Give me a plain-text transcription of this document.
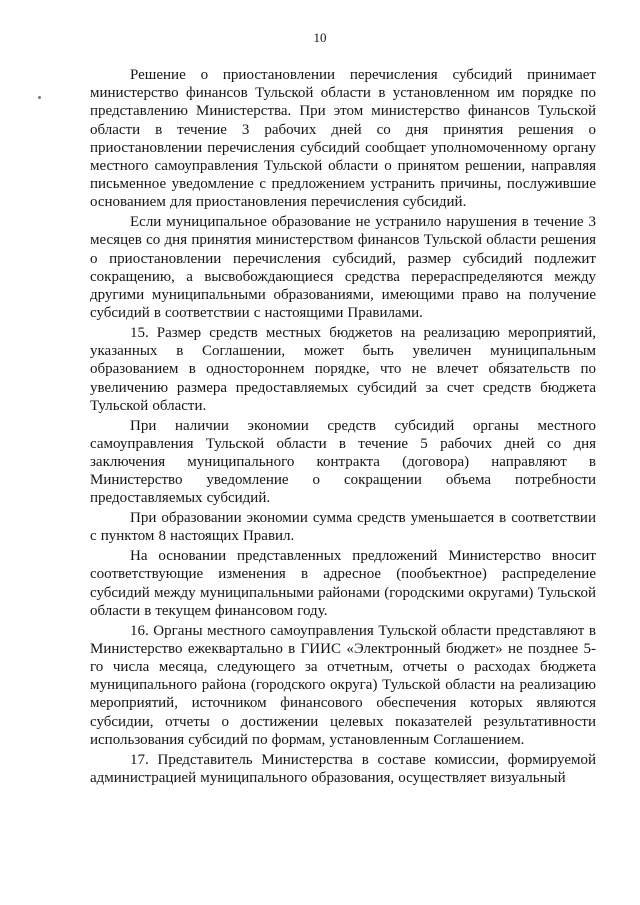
10

Решение о приостановлении перечисления субсидий принимает министерство финансов Тульской области в установленном им порядке по представлению Министерства. При этом министерство финансов Тульской области в течение 3 рабочих дней со дня принятия решения о приостановлении перечисления субсидий сообщает уполномоченному органу местного самоуправления Тульской области о принятом решении, направляя письменное уведомление с предложением устранить причины, послужившие основанием для приостановления перечисления субсидий.

Если муниципальное образование не устранило нарушения в течение 3 месяцев со дня принятия министерством финансов Тульской области решения о приостановлении перечисления субсидий, размер субсидий подлежит сокращению, а высвобождающиеся средства перераспределяются между другими муниципальными образованиями, имеющими право на получение субсидий в соответствии с настоящими Правилами.

15. Размер средств местных бюджетов на реализацию мероприятий, указанных в Соглашении, может быть увеличен муниципальным образованием в одностороннем порядке, что не влечет обязательств по увеличению размера предоставляемых субсидий за счет средств бюджета Тульской области.

При наличии экономии средств субсидий органы местного самоуправления Тульской области в течение 5 рабочих дней со дня заключения муниципального контракта (договора) направляют в Министерство уведомление о сокращении объема потребности предоставляемых субсидий.

При образовании экономии сумма средств уменьшается в соответствии с пунктом 8 настоящих Правил.

На основании представленных предложений Министерство вносит соответствующие изменения в адресное (пообъектное) распределение субсидий между муниципальными районами (городскими округами) Тульской области в текущем финансовом году.

16. Органы местного самоуправления Тульской области представляют в Министерство ежеквартально в ГИИС «Электронный бюджет» не позднее 5-го числа месяца, следующего за отчетным, отчеты о расходах бюджета муниципального района (городского округа) Тульской области на реализацию мероприятий, источником финансового обеспечения которых являются субсидии, отчеты о достижении целевых показателей результативности использования субсидий по формам, установленным Соглашением.

17. Представитель Министерства в составе комиссии, формируемой администрацией муниципального образования, осуществляет визуальный
